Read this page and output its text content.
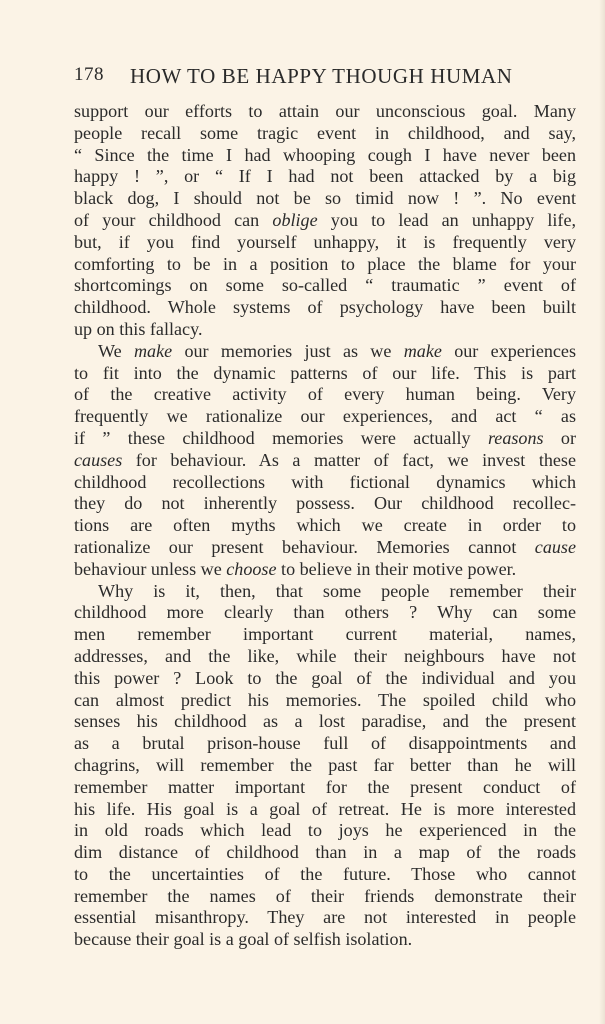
178 HOW TO BE HAPPY THOUGH HUMAN
support our efforts to attain our unconscious goal. Many
people recall some tragic event in childhood, and say,
“ Since the time I had whooping cough I have never been
happy ! ”, or “ If I had not been attacked by a big
black dog, I should not be so timid now ! ”. No event
of your childhood can oblige you to lead an unhappy life,
but, if you find yourself unhappy, it is frequently very
comforting to be in a position to place the blame for your
shortcomings on some so-called “ traumatic ” event of
childhood. Whole systems of psychology have been built
up on this fallacy.
We make our memories just as we make our experiences
to fit into the dynamic patterns of our life. This is part
of the creative activity of every human being. Very
frequently we rationalize our experiences, and act “ as
if ” these childhood memories were actually reasons or
causes for behaviour. As a matter of fact, we invest these
childhood recollections with fictional dynamics which
they do not inherently possess. Our childhood recollec-
tions are often myths which we create in order to
rationalize our present behaviour. Memories cannot cause
behaviour unless we choose to believe in their motive power.
Why is it, then, that some people remember their
childhood more clearly than others ? Why can some
men remember important current material, names,
addresses, and the like, while their neighbours have not
this power ? Look to the goal of the individual and you
can almost predict his memories. The spoiled child who
senses his childhood as a lost paradise, and the present
as a brutal prison-house full of disappointments and
chagrins, will remember the past far better than he will
remember matter important for the present conduct of
his life. His goal is a goal of retreat. He is more interested
in old roads which lead to joys he experienced in the
dim distance of childhood than in a map of the roads
to the uncertainties of the future. Those who cannot
remember the names of their friends demonstrate their
essential misanthropy. They are not interested in people
because their goal is a goal of selfish isolation.
